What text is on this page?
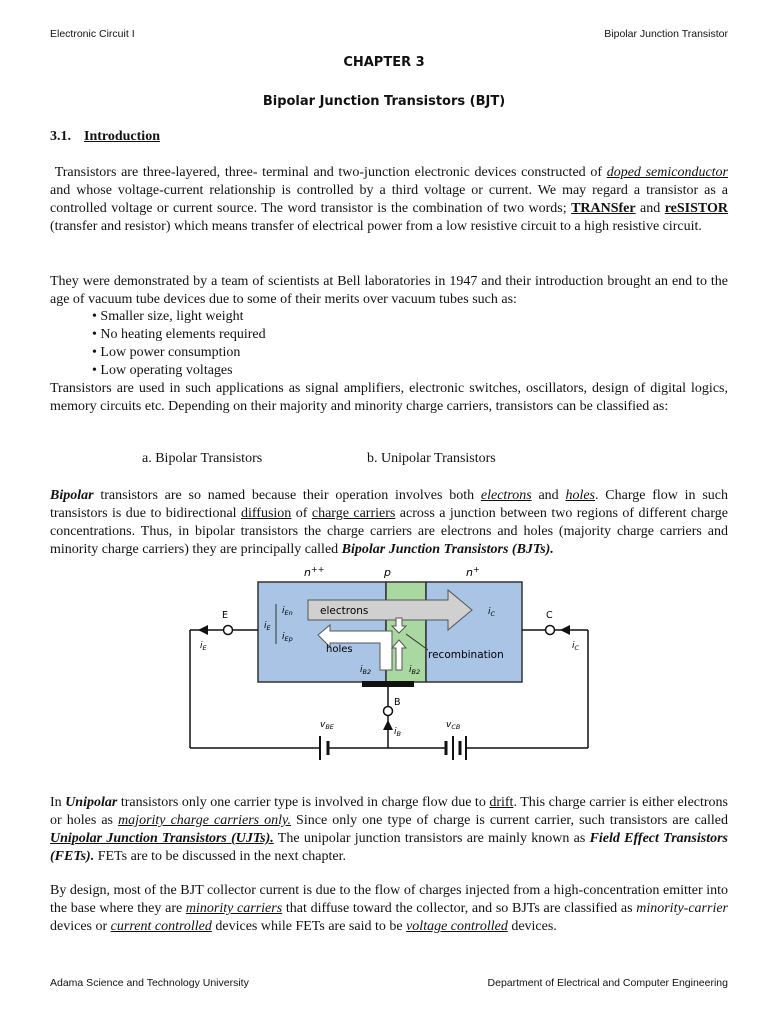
Electronic Circuit I	Bipolar Junction Transistor
CHAPTER 3
Bipolar Junction Transistors (BJT)
3.1. Introduction
Transistors are three-layered, three- terminal and two-junction electronic devices constructed of doped semiconductor and whose voltage-current relationship is controlled by a third voltage or current. We may regard a transistor as a controlled voltage or current source. The word transistor is the combination of two words; TRANSfer and reSISTOR (transfer and resistor) which means transfer of electrical power from a low resistive circuit to a high resistive circuit.
They were demonstrated by a team of scientists at Bell laboratories in 1947 and their introduction brought an end to the age of vacuum tube devices due to some of their merits over vacuum tubes such as:
• Smaller size, light weight
• No heating elements required
• Low power consumption
• Low operating voltages
Transistors are used in such applications as signal amplifiers, electronic switches, oscillators, design of digital logics, memory circuits etc. Depending on their majority and minority charge carriers, transistors can be classified as:
a. Bipolar Transistors	b. Unipolar Transistors
Bipolar transistors are so named because their operation involves both electrons and holes. Charge flow in such transistors is due to bidirectional diffusion of charge carriers across a junction between two regions of different charge concentrations. Thus, in bipolar transistors the charge carriers are electrons and holes (majority charge carriers and minority charge carriers) they are principally called Bipolar Junction Transistors (BJTs).
n++	p	n+
electrons
holes	recombination
$i_{En}$
$i_{Ep}$
$i_E$
$i_C$
$i_{B2}$	$i_{B2}$
E
$i_E$
C
$i_C$
B
$i_B$
$v_{BE}$	$v_{CB}$
In Unipolar transistors only one carrier type is involved in charge flow due to drift. This charge carrier is either electrons or holes as majority charge carriers only. Since only one type of charge is current carrier, such transistors are called Unipolar Junction Transistors (UJTs). The unipolar junction transistors are mainly known as Field Effect Transistors (FETs). FETs are to be discussed in the next chapter.
By design, most of the BJT collector current is due to the flow of charges injected from a high-concentration emitter into the base where they are minority carriers that diffuse toward the collector, and so BJTs are classified as minority-carrier devices or current controlled devices while FETs are said to be voltage controlled devices.
Adama Science and Technology University	Department of Electrical and Computer Engineering
